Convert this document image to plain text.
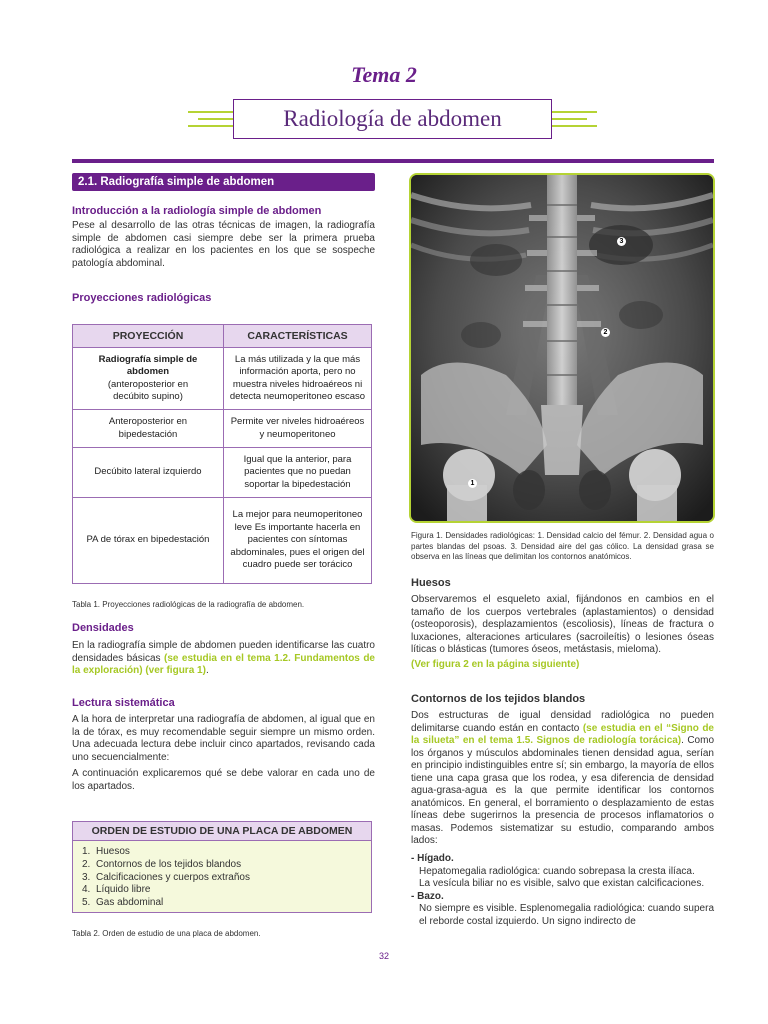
Tema 2
Radiología de abdomen
2.1. Radiografía simple de abdomen
Introducción a la radiología simple de abdomen
Pese al desarrollo de las otras técnicas de imagen, la radiografía simple de abdomen casi siempre debe ser la primera prueba radiológica a realizar en los pacientes en los que se sospeche patología abdominal.
Proyecciones radiológicas
PROYECCIÓN	CARACTERÍSTICAS

Radiografía simple de abdomen
(anteroposterior en decúbito supino)	La más utilizada y la que más información aporta, pero no muestra niveles hidroaéreos ni detecta neumoperitoneo escaso
Anteroposterior en bipedestación	Permite ver niveles hidroaéreos y neumoperitoneo
Decúbito lateral izquierdo	Igual que la anterior, para pacientes que no puedan soportar la bipedestación
PA de tórax en bipedestación	La mejor para neumoperitoneo leve Es importante hacerla en pacientes con síntomas abdominales, pues el origen del cuadro puede ser torácico
Tabla 1. Proyecciones radiológicas de la radiografía de abdomen.
Densidades
En la radiografía simple de abdomen pueden identificarse las cuatro densidades básicas (se estudia en el tema 1.2. Fundamentos de la exploración) (ver figura 1).
Lectura sistemática
A la hora de interpretar una radiografía de abdomen, al igual que en la de tórax, es muy recomendable seguir siempre un mismo orden. Una adecuada lectura debe incluir cinco apartados, revisando cada uno secuencialmente:
A continuación explicaremos qué se debe valorar en cada uno de los apartados.
ORDEN DE ESTUDIO DE UNA PLACA DE ABDOMEN
1. Huesos
2. Contornos de los tejidos blandos
3. Calcificaciones y cuerpos extraños
4. Líquido libre
5. Gas abdominal
Tabla 2. Orden de estudio de una placa de abdomen.
3
2
1
Figura 1. Densidades radiológicas: 1. Densidad calcio del fémur. 2. Densidad agua o partes blandas del psoas. 3. Densidad aire del gas cólico. La densidad grasa se observa en las líneas que delimitan los contornos anatómicos.
Huesos
Observaremos el esqueleto axial, fijándonos en cambios en el tamaño de los cuerpos vertebrales (aplastamientos) o densidad (osteoporosis), desplazamientos (escoliosis), líneas de fractura o luxaciones, alteraciones articulares (sacroileítis) o lesiones óseas líticas o blásticas (tumores óseos, metástasis, mieloma).
(Ver figura 2 en la página siguiente)
Contornos de los tejidos blandos
Dos estructuras de igual densidad radiológica no pueden delimitarse cuando están en contacto (se estudia en el “Signo de la silueta” en el tema 1.5. Signos de radiología torácica). Como los órganos y músculos abdominales tienen densidad agua, serían en principio indistinguibles entre sí; sin embargo, la mayoría de ellos tiene una capa grasa que los rodea, y esa diferencia de densidad agua-grasa-agua es la que permite identificar los contornos anatómicos. En general, el borramiento o desplazamiento de estas líneas debe sugerirnos la presencia de procesos inflamatorios o masas. Podemos sistematizar su estudio, comparando ambos lados:
- Hígado.
Hepatomegalia radiológica: cuando sobrepasa la cresta ilíaca.
La vesícula biliar no es visible, salvo que existan calcificaciones.
- Bazo.
No siempre es visible. Esplenomegalia radiológica: cuando supera el reborde costal izquierdo. Un signo indirecto de
32
